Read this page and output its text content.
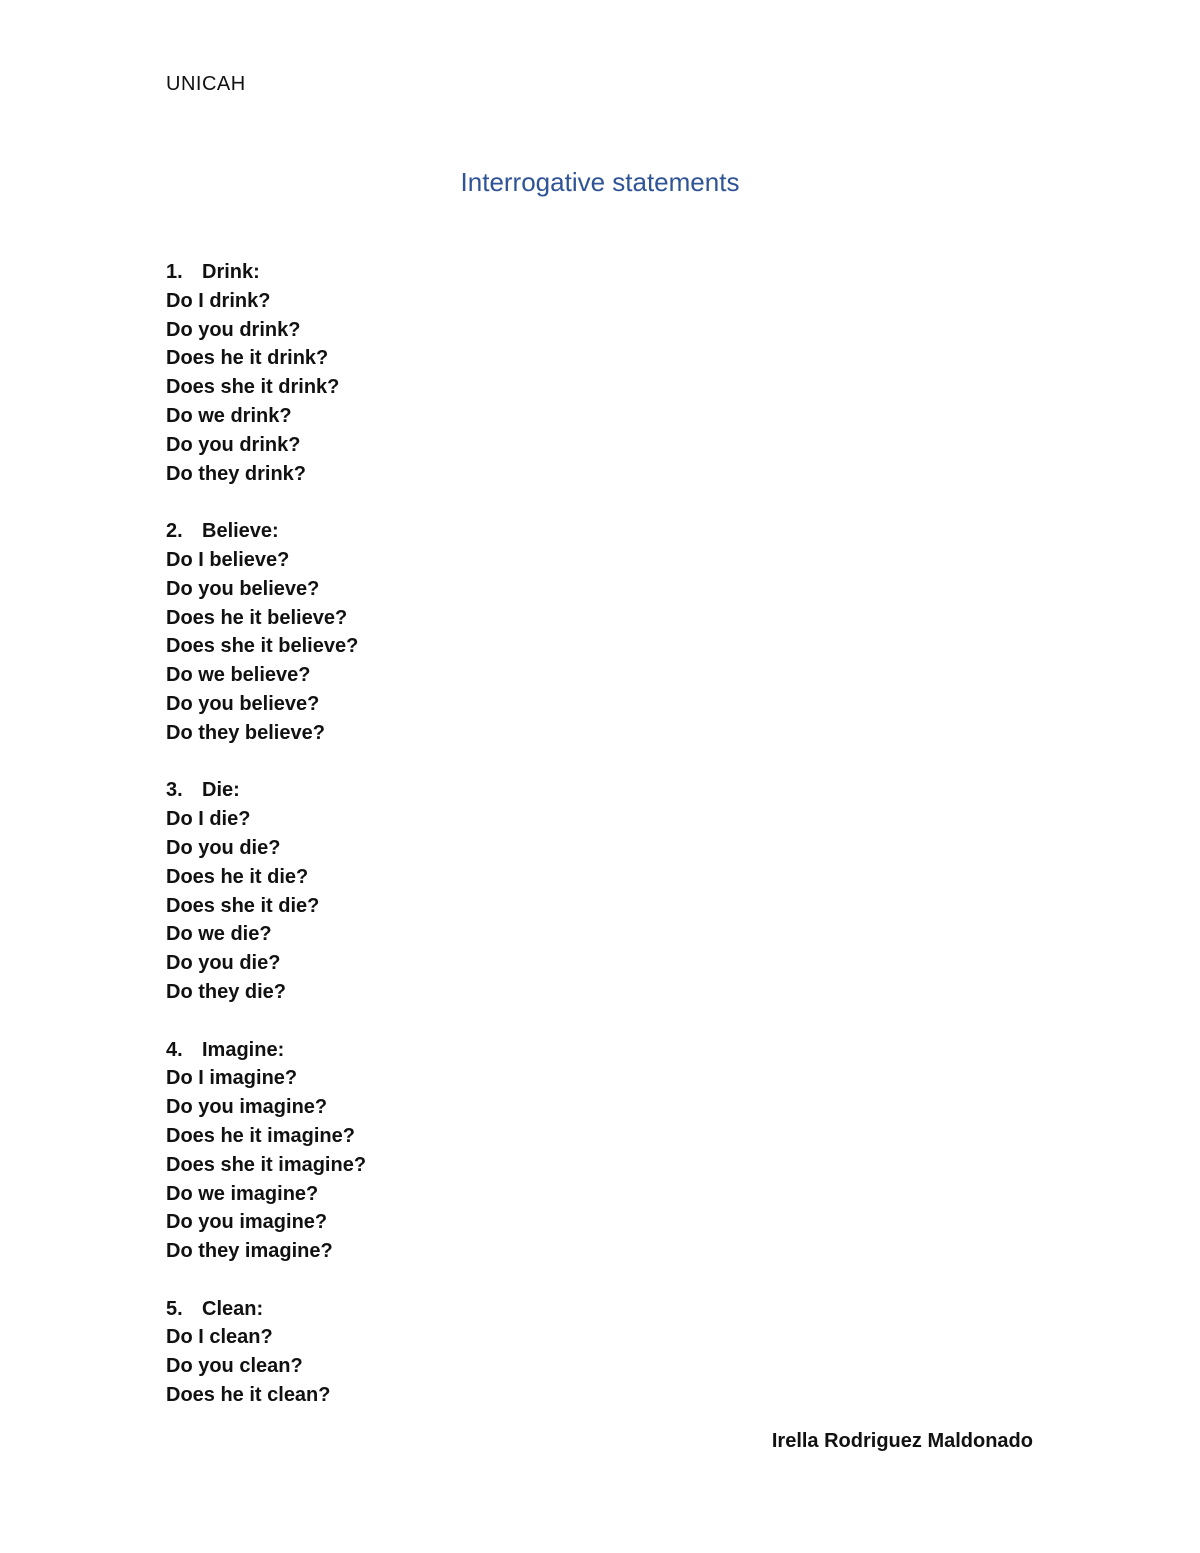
UNICAH
Interrogative statements
1. Drink:
Do I drink?
Do you drink?
Does he it drink?
Does she it drink?
Do we drink?
Do you drink?
Do they drink?
2. Believe:
Do I believe?
Do you believe?
Does he it believe?
Does she it believe?
Do we believe?
Do you believe?
Do they believe?
3. Die:
Do I die?
Do you die?
Does he it die?
Does she it die?
Do we die?
Do you die?
Do they die?
4. Imagine:
Do I imagine?
Do you imagine?
Does he it imagine?
Does she it imagine?
Do we imagine?
Do you imagine?
Do they imagine?
5. Clean:
Do I clean?
Do you clean?
Does he it clean?
Irella Rodriguez Maldonado
